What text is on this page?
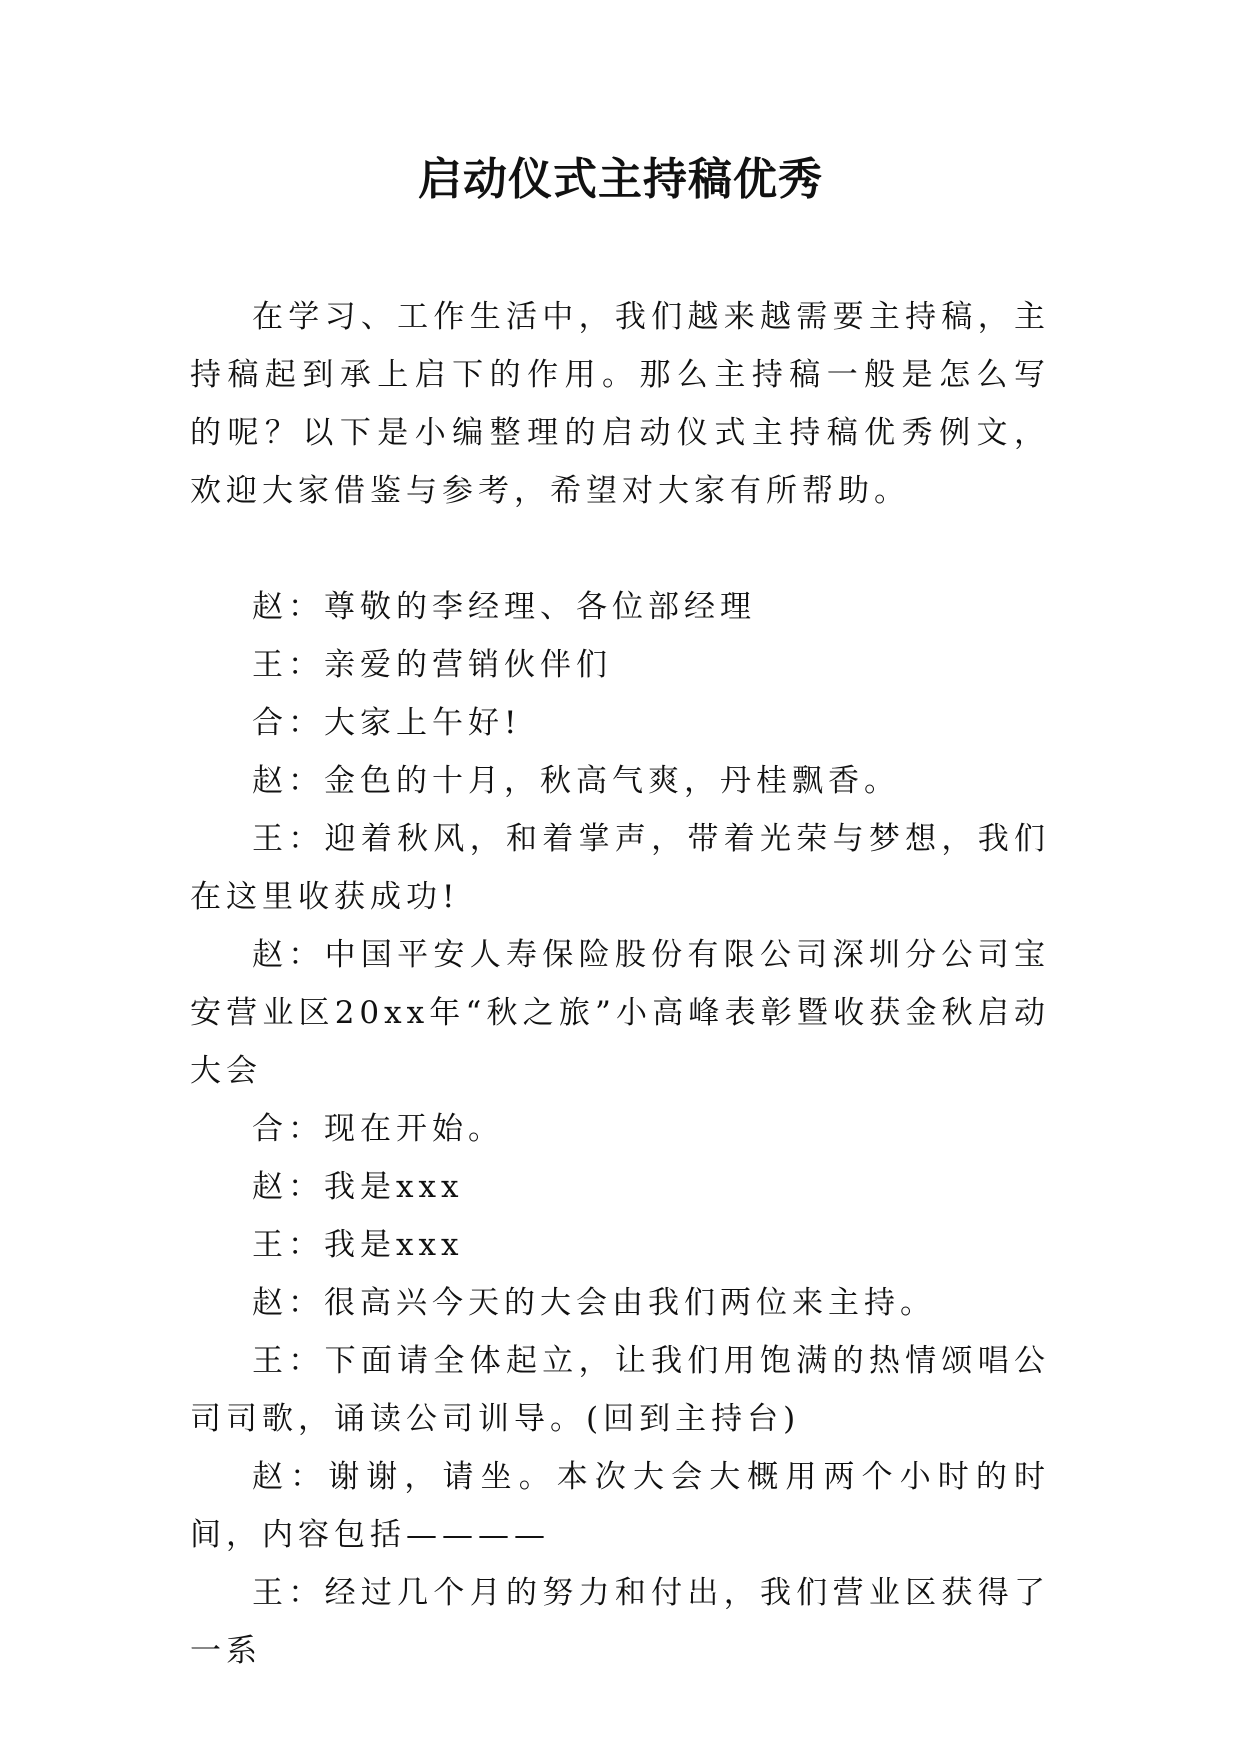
启动仪式主持稿优秀

在学习、工作生活中，我们越来越需要主持稿，主持稿起到承上启下的作用。那么主持稿一般是怎么写的呢？以下是小编整理的启动仪式主持稿优秀例文，欢迎大家借鉴与参考，希望对大家有所帮助。

赵：尊敬的李经理、各位部经理

王：亲爱的营销伙伴们

合：大家上午好!

赵：金色的十月，秋高气爽，丹桂飘香。

王：迎着秋风，和着掌声，带着光荣与梦想，我们在这里收获成功!

赵：中国平安人寿保险股份有限公司深圳分公司宝安营业区20xx年“秋之旅”小高峰表彰暨收获金秋启动大会

合：现在开始。

赵：我是xxx

王：我是xxx

赵：很高兴今天的大会由我们两位来主持。

王：下面请全体起立，让我们用饱满的热情颂唱公司司歌，诵读公司训导。(回到主持台)

赵：谢谢，请坐。本次大会大概用两个小时的时间，内容包括————

王：经过几个月的努力和付出，我们营业区获得了一系
